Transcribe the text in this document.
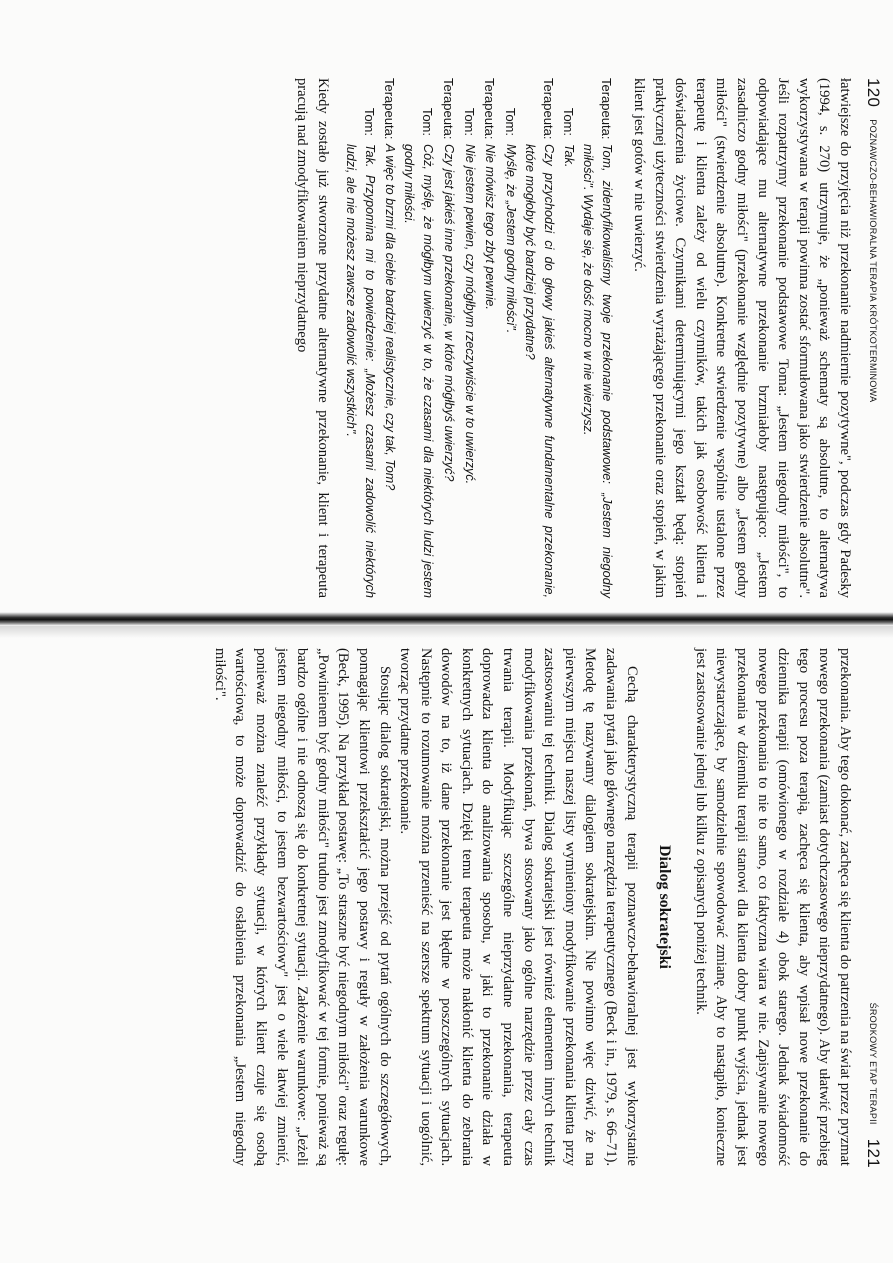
120
POZNAWCZO-BEHAWIORALNA TERAPIA KRÓTKOTERMINOWA

łatwiejsze do przyjęcia niż przekonanie nadmiernie pozytywne", podczas gdy Padesky (1994, s. 270) utrzymuje, że „ponieważ schematy są absolutne, to alternatywa wykorzystywana w terapii powinna zostać sformułowana jako stwierdzenie absolutne". Jeśli rozpatrzymy przekonanie podstawowe Toma: „Jestem niegodny miłości", to odpowiadające mu alternatywne przekonanie brzmiałoby następująco: „Jestem zasadniczo godny miłości" (przekonanie względnie pozytywne) albo „Jestem godny miłości" (stwierdzenie absolutne). Konkretne stwierdzenie wspólnie ustalone przez terapeutę i klienta zależy od wielu czynników, takich jak osobowość klienta i doświadczenia życiowe. Czynnikami determinującymi jego kształt będą: stopień praktycznej użyteczności stwierdzenia wyrażającego przekonanie oraz stopień, w jakim klient jest gotów w nie uwierzyć.

Terapeuta:
Tom, zidentyfikowaliśmy twoje przekonanie podstawowe: „Jestem niegodny miłości". Wydaje się, że dość mocno w nie wierzysz.
Tom:
Tak.
Terapeuta:
Czy przychodzi ci do głowy jakieś alternatywne fundamentalne przekonanie, które mogłoby być bardziej przydatne?
Tom:
Myślę, że „Jestem godny miłości".
Terapeuta:
Nie mówisz tego zbyt pewnie.
Tom:
Nie jestem pewien, czy mógłbym rzeczywiście w to uwierzyć.
Terapeuta:
Czy jest jakieś inne przekonanie, w które mógłbyś uwierzyć?
Tom:
Cóż, myślę, że mógłbym uwierzyć w to, że czasami dla niektórych ludzi jestem godny miłości.
Terapeuta:
A więc to brzmi dla ciebie bardziej realistycznie, czy tak, Tom?
Tom:
Tak. Przypomina mi to powiedzenie: „Możesz czasami zadowolić niektórych ludzi, ale nie możesz zawsze zadowolić wszystkich".

Kiedy zostało już stworzone przydatne alternatywne przekonanie, klient i terapeuta pracują nad zmodyfikowaniem nieprzydatnego

ŚRODKOWY ETAP TERAPII
121

przekonania. Aby tego dokonać, zachęca się klienta do patrzenia na świat przez pryzmat nowego przekonania (zamiast dotychczasowego nieprzydatnego). Aby ułatwić przebieg tego procesu poza terapią, zachęca się klienta, aby wpisał nowe przekonanie do dziennika terapii (omówionego w rozdziale 4) obok starego. Jednak świadomość nowego przekonania to nie to samo, co faktyczna wiara w nie. Zapisywanie nowego przekonania w dzienniku terapii stanowi dla klienta dobry punkt wyjścia, jednak jest niewystarczające, by samodzielnie spowodować zmianę. Aby to nastąpiło, konieczne jest zastosowanie jednej lub kilku z opisanych poniżej technik.

Dialog sokratejski

Cechą charakterystyczną terapii poznawczo-behawioralnej jest wykorzystanie zadawania pytań jako głównego narzędzia terapeutycznego (Beck i in., 1979, s. 66–71). Metodę tę nazywamy dialogiem sokratejskim. Nie powinno więc dziwić, że na pierwszym miejscu naszej listy wymieniony modyfikowanie przekonania klienta przy zastosowaniu tej techniki. Dialog sokratejski jest również elementem innych technik modyfikowania przekonań, bywa stosowany jako ogólne narzędzie przez cały czas trwania terapii. Modyfikując szczególne nieprzydatne przekonania, terapeuta doprowadza klienta do analizowania sposobu, w jaki to przekonanie działa w konkretnych sytuacjach. Dzięki temu terapeuta może nakłonić klienta do zebrania dowodów na to, iż dane przekonanie jest błędne w poszczególnych sytuacjach. Następnie to rozumowanie można przenieść na szersze spektrum sytuacji i uogólnić, tworząc przydatne przekonanie.

Stosując dialog sokratejski, można przejść od pytań ogólnych do szczegółowych, pomagając klientowi przekształcić jego postawy i reguły w założenia warunkowe (Beck, 1995). Na przykład postawę: „To straszne być niegodnym miłości" oraz regułę: „Powinienem być godny miłości" trudno jest zmodyfikować w tej formie, ponieważ są bardzo ogólne i nie odnoszą się do konkretnej sytuacji. Założenie warunkowe: „Jeżeli jestem niegodny miłości, to jestem bezwartościowy" jest o wiele łatwiej zmienić, ponieważ można znaleźć przykłady sytuacji, w których klient czuje się osobą wartościową, to może doprowadzić do osłabienia przekonania „Jestem niegodny miłości".
